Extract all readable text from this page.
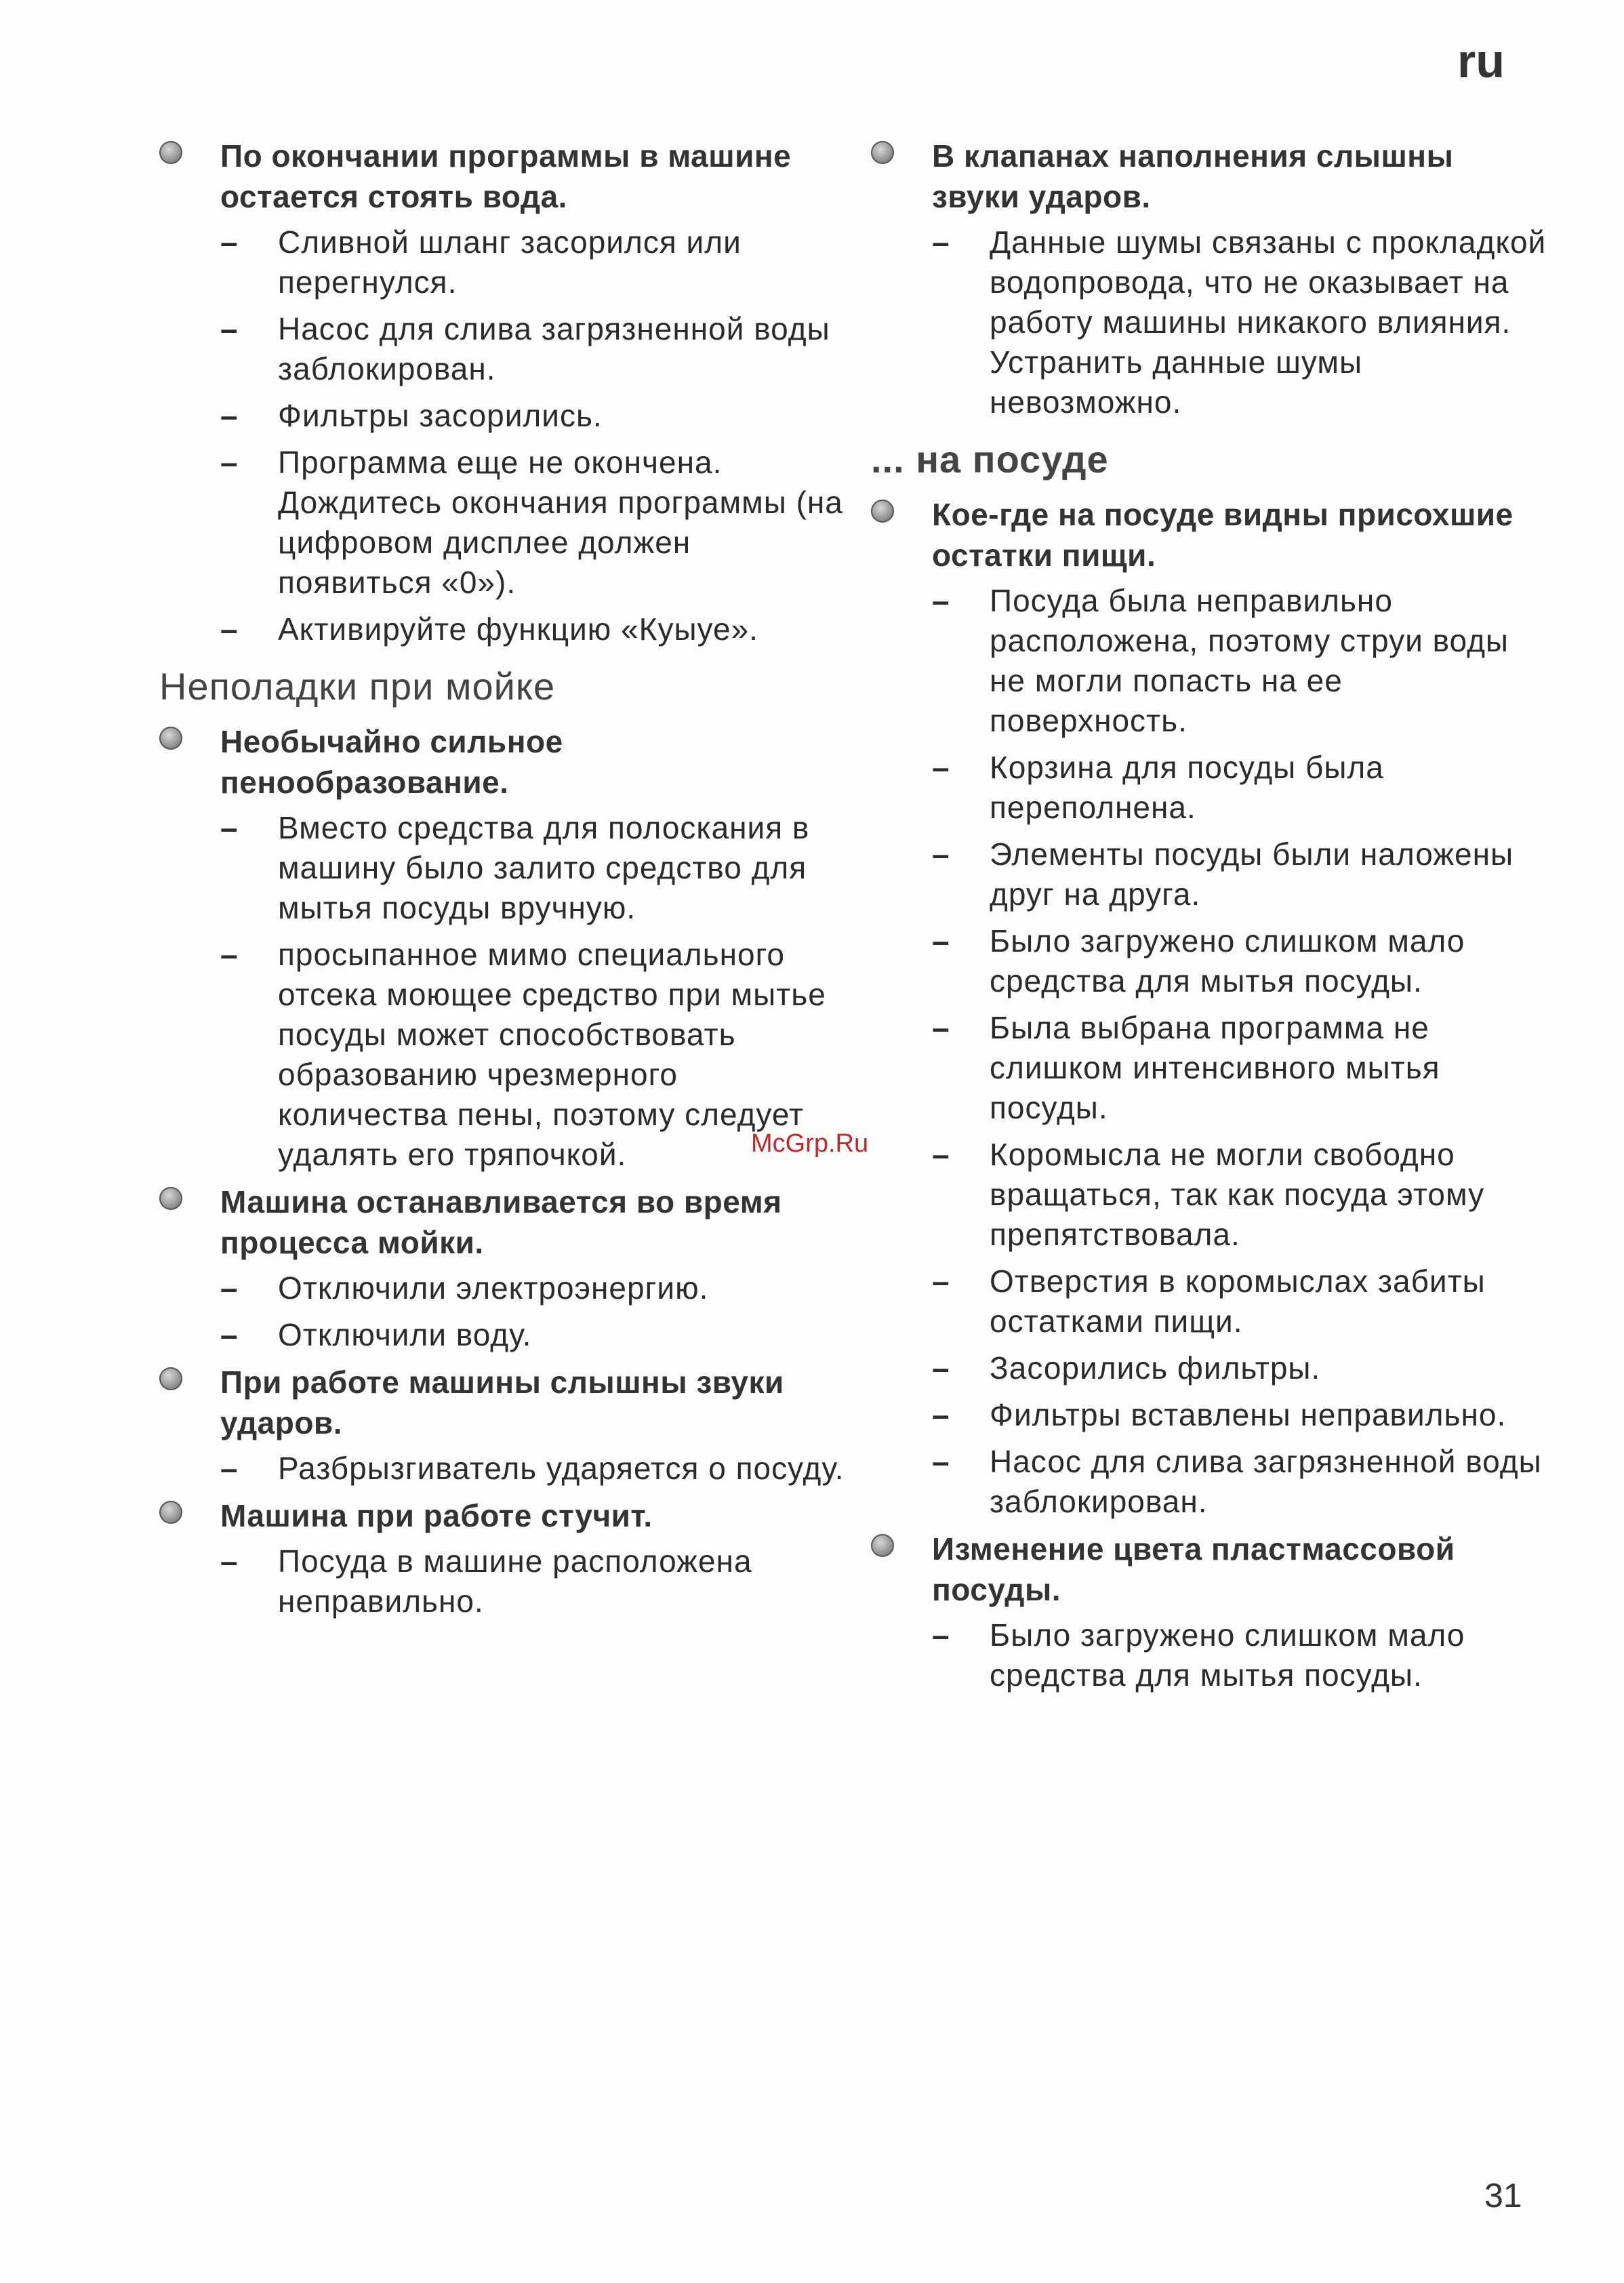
ru
По окончании программы в машине остается стоять вода.
– Сливной шланг засорился или перегнулся.
– Насос для слива загрязненной воды заблокирован.
– Фильтры засорились.
– Программа еще не окончена. Дождитесь окончания программы (на цифровом дисплее должен появиться «0»).
– Активируйте функцию «Куыуе».
Неполадки при мойке
Необычайно сильное пенообразование.
– Вместо средства для полоскания в машину было залито средство для мытья посуды вручную.
– просыпанное мимо специального отсека моющее средство при мытье посуды может способствовать образованию чрезмерного количества пены, поэтому следует удалять его тряпочкой.
Машина останавливается во время процесса мойки.
– Отключили электроэнергию.
– Отключили воду.
При работе машины слышны звуки ударов.
– Разбрызгиватель ударяется о посуду.
Машина при работе стучит.
– Посуда в машине расположена неправильно.
В клапанах наполнения слышны звуки ударов.
– Данные шумы связаны с прокладкой водопровода, что не оказывает на работу машины никакого влияния. Устранить данные шумы невозможно.
... на посуде
Кое-где на посуде видны присохшие остатки пищи.
– Посуда была неправильно расположена, поэтому струи воды не могли попасть на ее поверхность.
– Корзина для посуды была переполнена.
– Элементы посуды были наложены друг на друга.
– Было загружено слишком мало средства для мытья посуды.
– Была выбрана программа не слишком интенсивного мытья посуды.
– Коромысла не могли свободно вращаться, так как посуда этому препятствовала.
– Отверстия в коромыслах забиты остатками пищи.
– Засорились фильтры.
– Фильтры вставлены неправильно.
– Насос для слива загрязненной воды заблокирован.
Изменение цвета пластмассовой посуды.
– Было загружено слишком мало средства для мытья посуды.
McGrp.Ru
31
